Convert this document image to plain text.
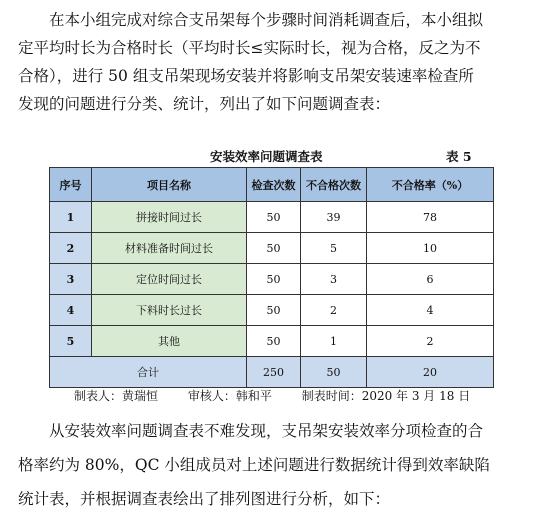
　　在本小组完成对综合支吊架每个步骤时间消耗调查后，本小组拟
定平均时长为合格时长（平均时长≤实际时长，视为合格，反之为不
合格），进行 50 组支吊架现场安装并将影响支吊架安装速率检查所
发现的问题进行分类、统计，列出了如下问题调查表：
安装效率问题调查表	表 5
序号	项目名称	检查次数	不合格次数	不合格率（%）
1	拼接时间过长	50	39	78
2	材料准备时间过长	50	5	10
3	定位时间过长	50	3	6
4	下料时长过长	50	2	4
5	其他	50	1	2
合计		250	50	20
制表人：黄瑞恒 审核人：韩和平 制表时间：2020 年 3 月 18 日
　　从安装效率问题调查表不难发现，支吊架安装效率分项检查的合
格率约为 80%，QC 小组成员对上述问题进行数据统计得到效率缺陷
统计表，并根据调查表绘出了排列图进行分析，如下：
